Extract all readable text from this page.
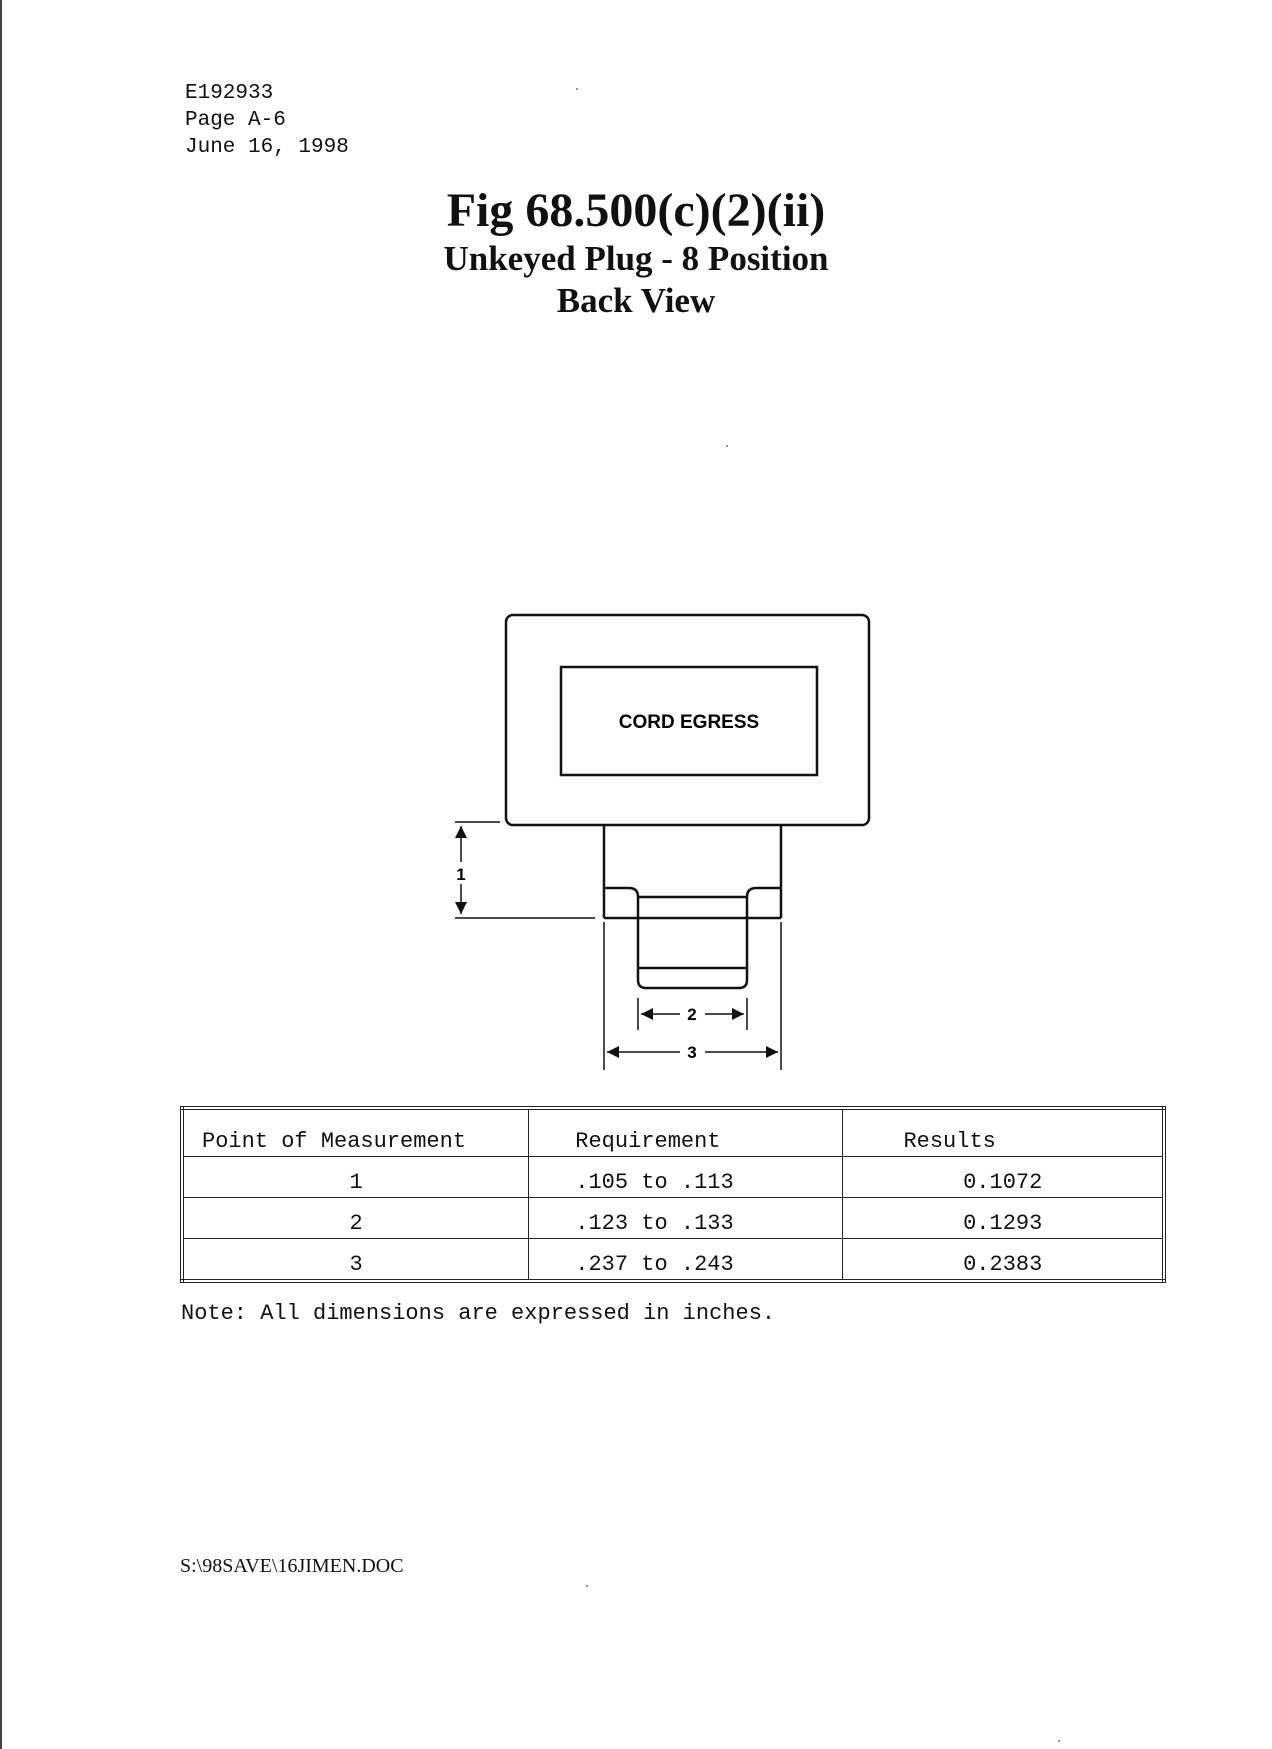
E192933
Page A-6
June 16, 1998
Fig 68.500(c)(2)(ii)
Unkeyed Plug - 8 Position
Back View
CORD EGRESS
1
2
3
Point of Measurement	Requirement	Results
1	.105 to .113	0.1072
2	.123 to .133	0.1293
3	.237 to .243	0.2383
Note: All dimensions are expressed in inches.
S:\98SAVE\16JIMEN.DOC
